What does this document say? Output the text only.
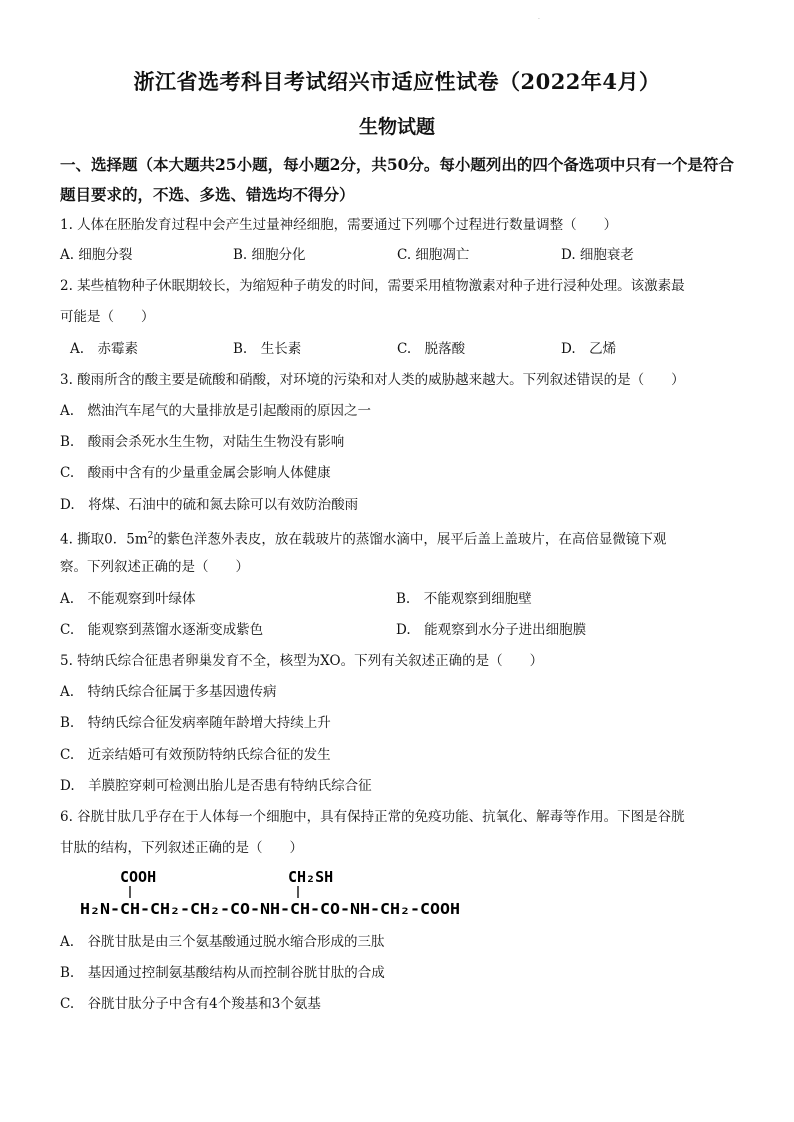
·
浙江省选考科目考试绍兴市适应性试卷（2022年4月）
生物试题
一、选择题（本大题共25小题，每小题2分，共50分。每小题列出的四个备选项中只有一个是符合题目要求的，不选、多选、错选均不得分）
1. 人体在胚胎发育过程中会产生过量神经细胞，需要通过下列哪个过程进行数量调整（　　）
A. 细胞分裂	B. 细胞分化	C. 细胞凋亡	D. 细胞衰老
2. 某些植物种子休眠期较长，为缩短种子萌发的时间，需要采用植物激素对种子进行浸种处理。该激素最
可能是（　　）
A.　赤霉素	B.　生长素	C.　脱落酸	D.　乙烯
3. 酸雨所含的酸主要是硫酸和硝酸，对环境的污染和对人类的威胁越来越大。下列叙述错误的是（　　）
A.　燃油汽车尾气的大量排放是引起酸雨的原因之一
B.　酸雨会杀死水生生物，对陆生生物没有影响
C.　酸雨中含有的少量重金属会影响人体健康
D.　将煤、石油中的硫和氮去除可以有效防治酸雨
4. 撕取0．$5m^2$的紫色洋葱外表皮，放在载玻片的蒸馏水滴中，展平后盖上盖玻片，在高倍显微镜下观
察。下列叙述正确的是（　　）
A.　不能观察到叶绿体	B.　不能观察到细胞壁
C.　能观察到蒸馏水逐渐变成紫色	D.　能观察到水分子进出细胞膜
5. 特纳氏综合征患者卵巢发育不全，核型为XO。下列有关叙述正确的是（　　）
A.　特纳氏综合征属于多基因遗传病
B.　特纳氏综合征发病率随年龄增大持续上升
C.　近亲结婚可有效预防特纳氏综合征的发生
D.　羊膜腔穿刺可检测出胎儿是否患有特纳氏综合征
6. 谷胱甘肽几乎存在于人体每一个细胞中，具有保持正常的免疫功能、抗氧化、解毒等作用。下图是谷胱
甘肽的结构，下列叙述正确的是（　　）
COOH	CH₂SH
H₂N-CH-CH₂-CH₂-CO-NH-CH-CO-NH-CH₂-COOH
A.　谷胱甘肽是由三个氨基酸通过脱水缩合形成的三肽
B.　基因通过控制氨基酸结构从而控制谷胱甘肽的合成
C.　谷胱甘肽分子中含有4个羧基和3个氨基
